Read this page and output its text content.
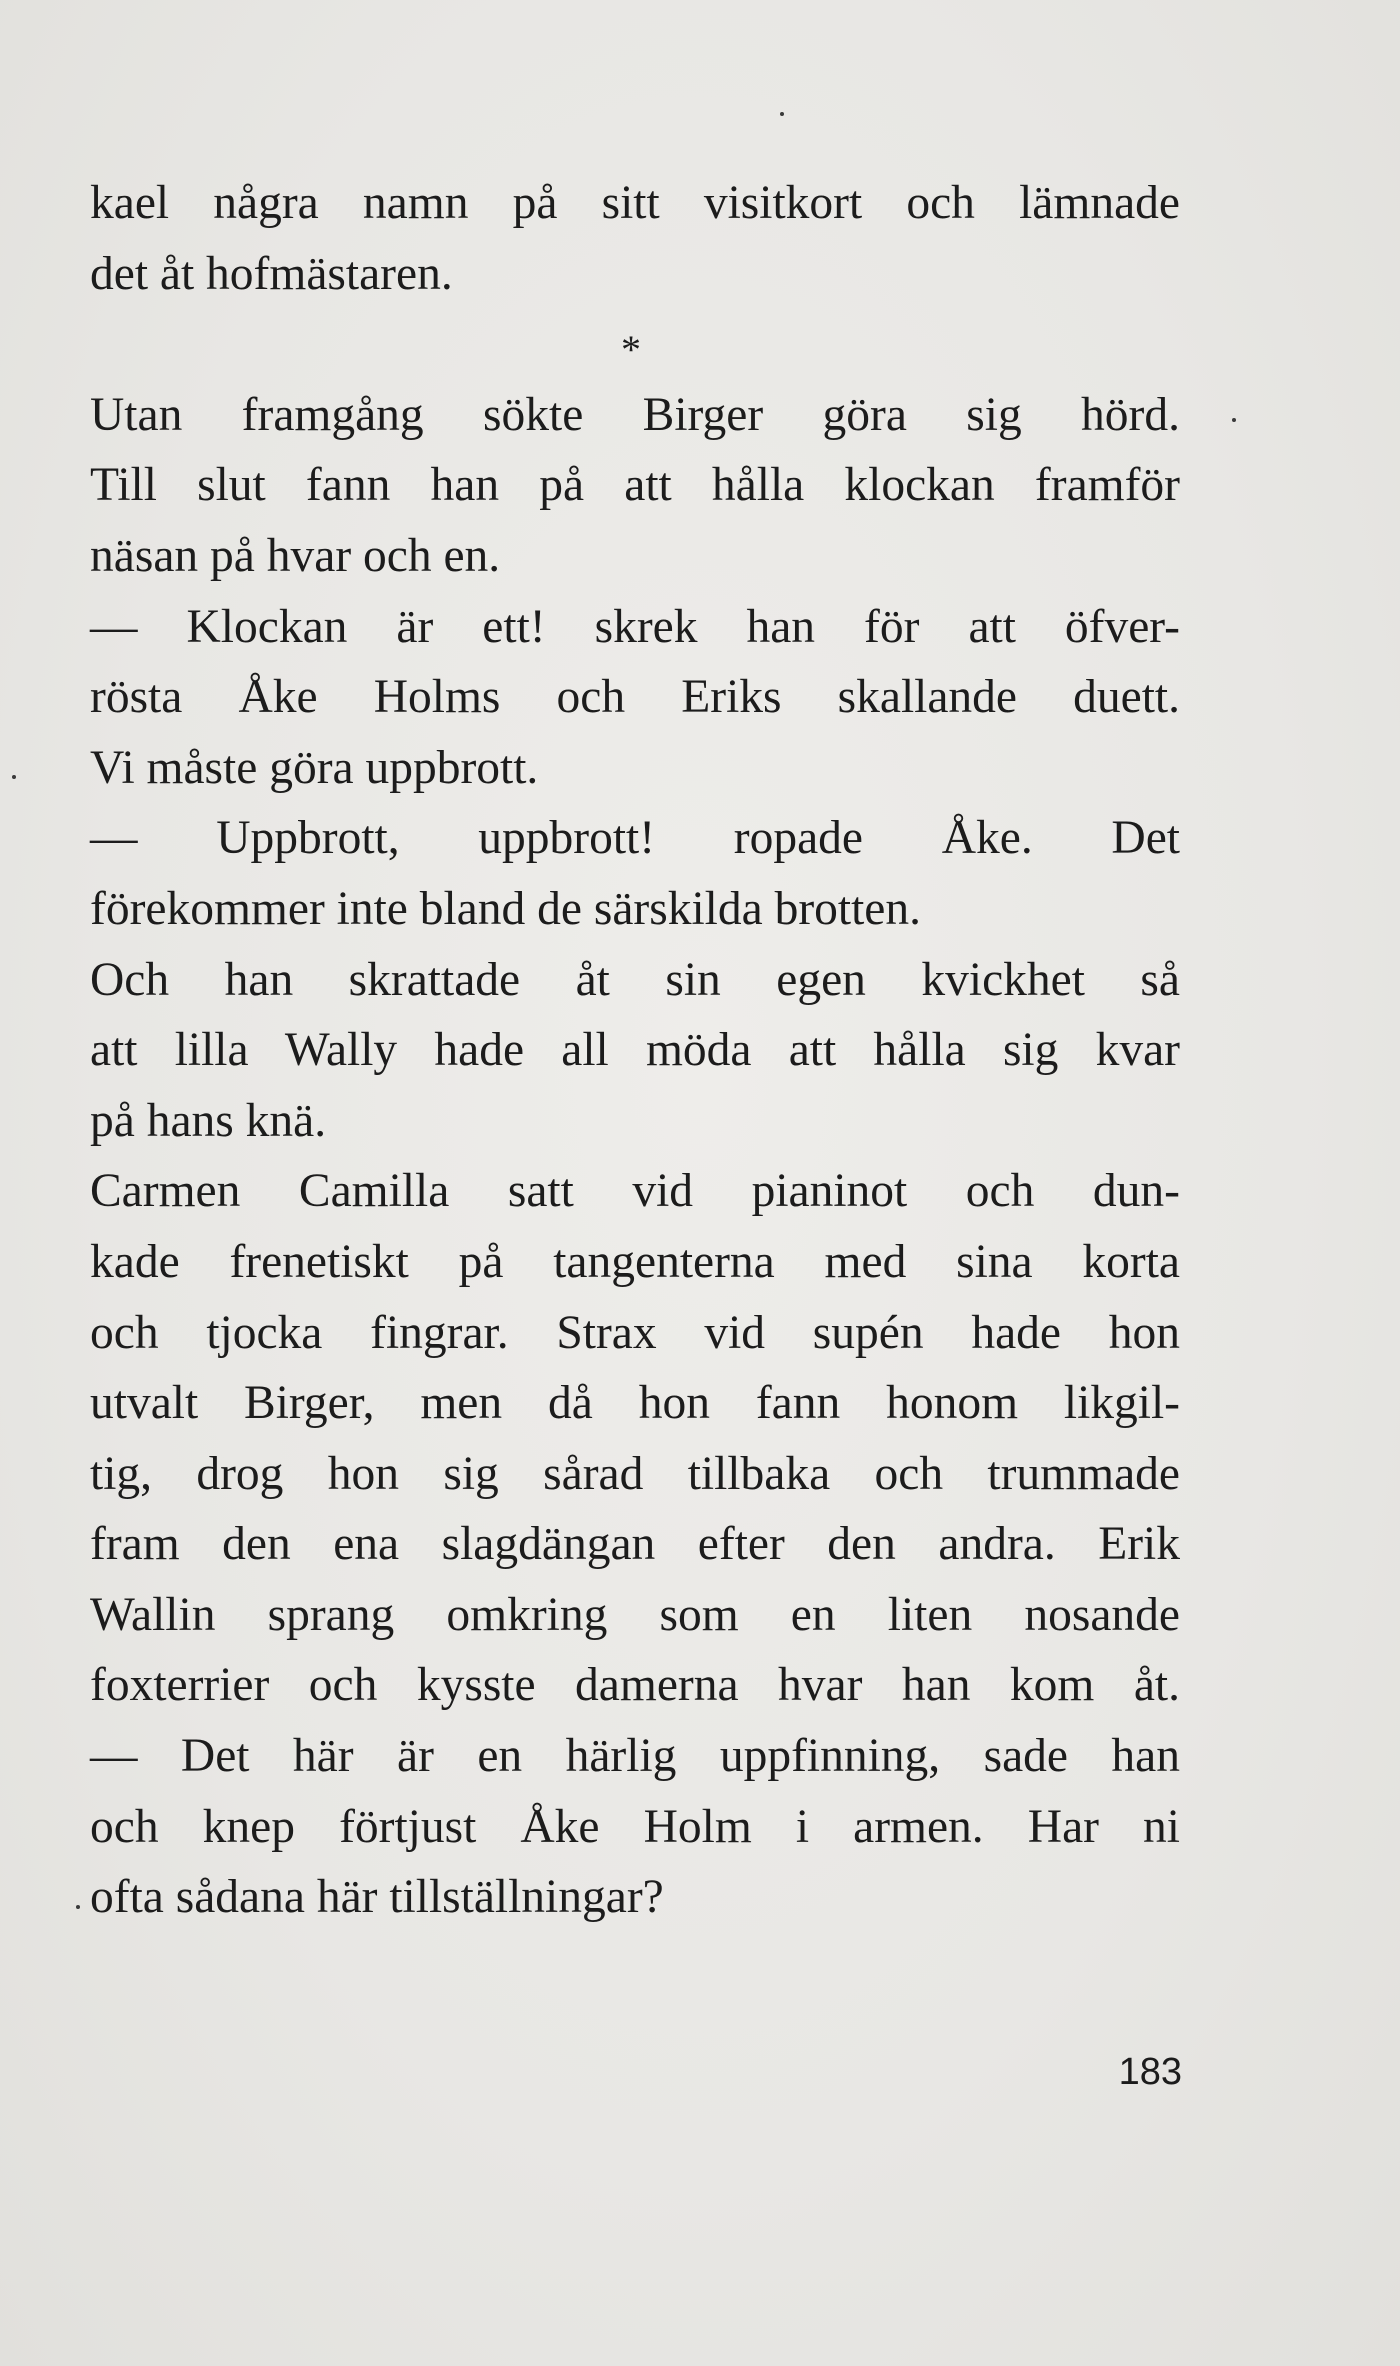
kael några namn på sitt visitkort och lämnade
det åt hofmästaren.
Utan framgång sökte Birger göra sig hörd.
Till slut fann han på att hålla klockan framför
näsan på hvar och en.
— Klockan är ett! skrek han för att öfver-
rösta Åke Holms och Eriks skallande duett.
Vi måste göra uppbrott.
— Uppbrott, uppbrott! ropade Åke. Det
förekommer inte bland de särskilda brotten.
Och han skrattade åt sin egen kvickhet så
att lilla Wally hade all möda att hålla sig kvar
på hans knä.
Carmen Camilla satt vid pianinot och dun-
kade frenetiskt på tangenterna med sina korta
och tjocka fingrar. Strax vid supén hade hon
utvalt Birger, men då hon fann honom likgil-
tig, drog hon sig sårad tillbaka och trummade
fram den ena slagdängan efter den andra. Erik
Wallin sprang omkring som en liten nosande
foxterrier och kysste damerna hvar han kom åt.
— Det här är en härlig uppfinning, sade han
och knep förtjust Åke Holm i armen. Har ni
ofta sådana här tillställningar?
*
183
